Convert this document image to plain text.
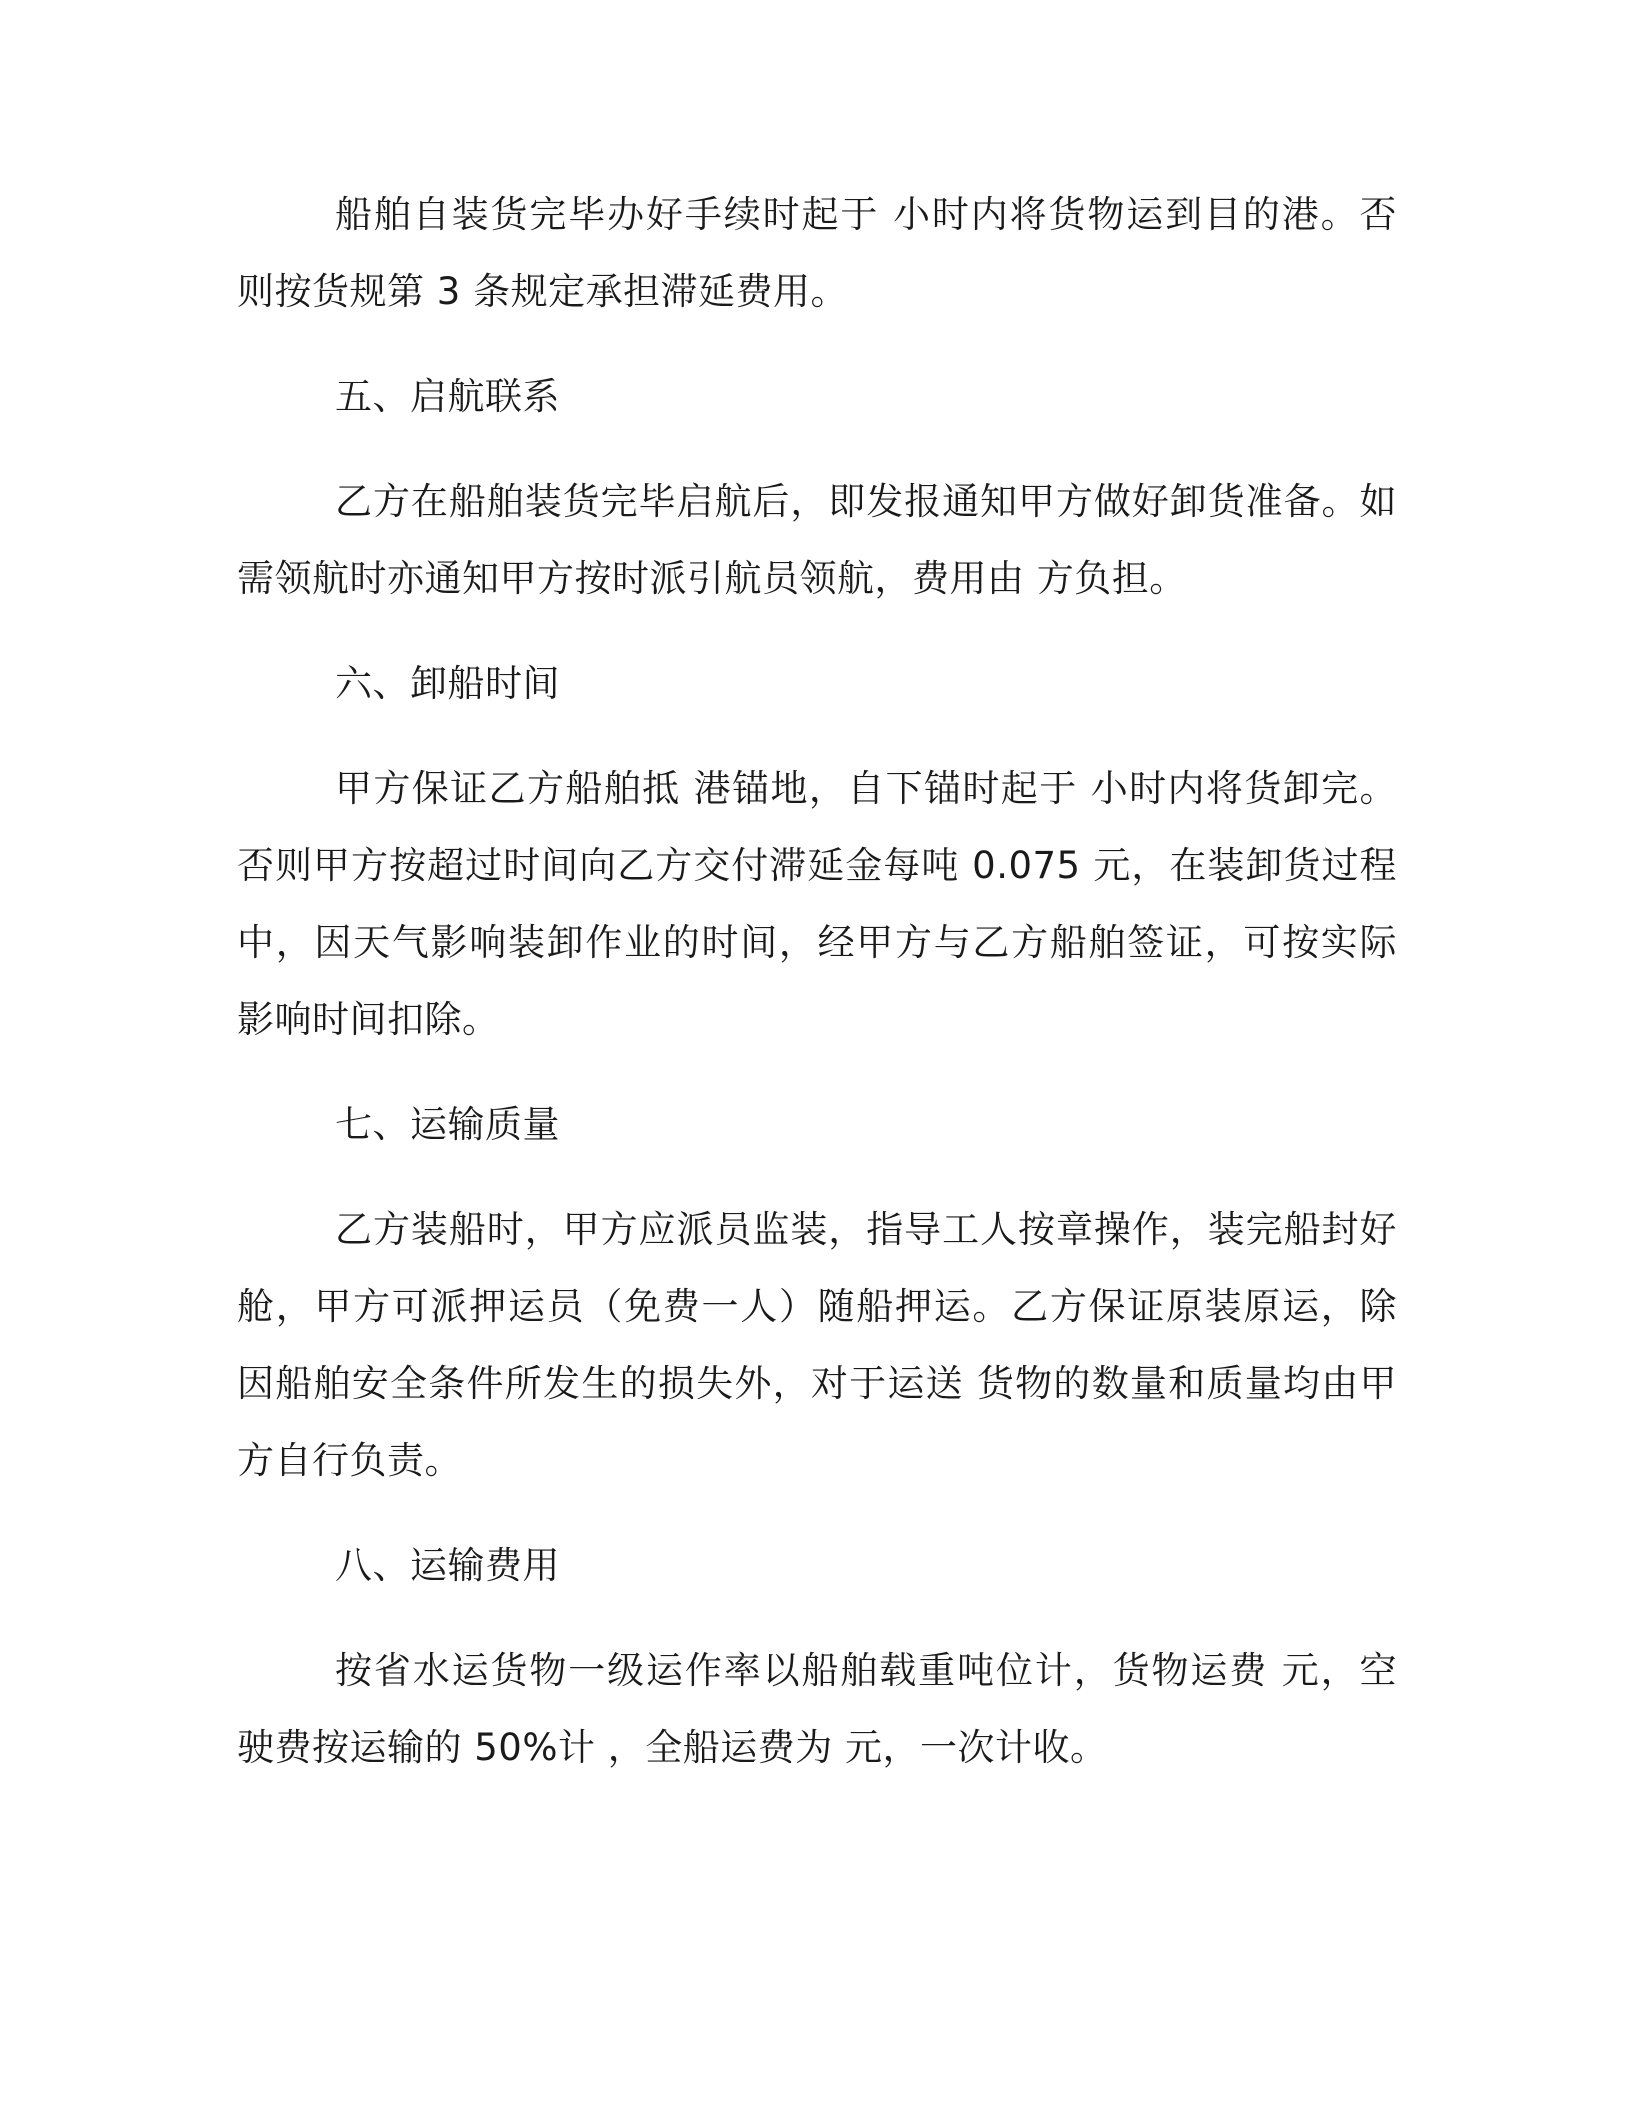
船舶自装货完毕办好手续时起于 小时内将货物运到目的港。否则按货规第 3 条规定承担滞延费用。

五、启航联系

乙方在船舶装货完毕启航后，即发报通知甲方做好卸货准备。如需领航时亦通知甲方按时派引航员领航，费用由 方负担。

六、卸船时间

甲方保证乙方船舶抵 港锚地，自下锚时起于 小时内将货卸完。否则甲方按超过时间向乙方交付滞延金每吨 0.075 元，在装卸货过程中，因天气影响装卸作业的时间，经甲方与乙方船舶签证，可按实际影响时间扣除。

七、运输质量

乙方装船时，甲方应派员监装，指导工人按章操作，装完船封好舱，甲方可派押运员（免费一人）随船押运。乙方保证原装原运，除因船舶安全条件所发生的损失外，对于运送 货物的数量和质量均由甲方自行负责。

八、运输费用

按省水运货物一级运作率以船舶载重吨位计，货物运费 元，空驶费按运输的 50%计 ，全船运费为 元，一次计收。
